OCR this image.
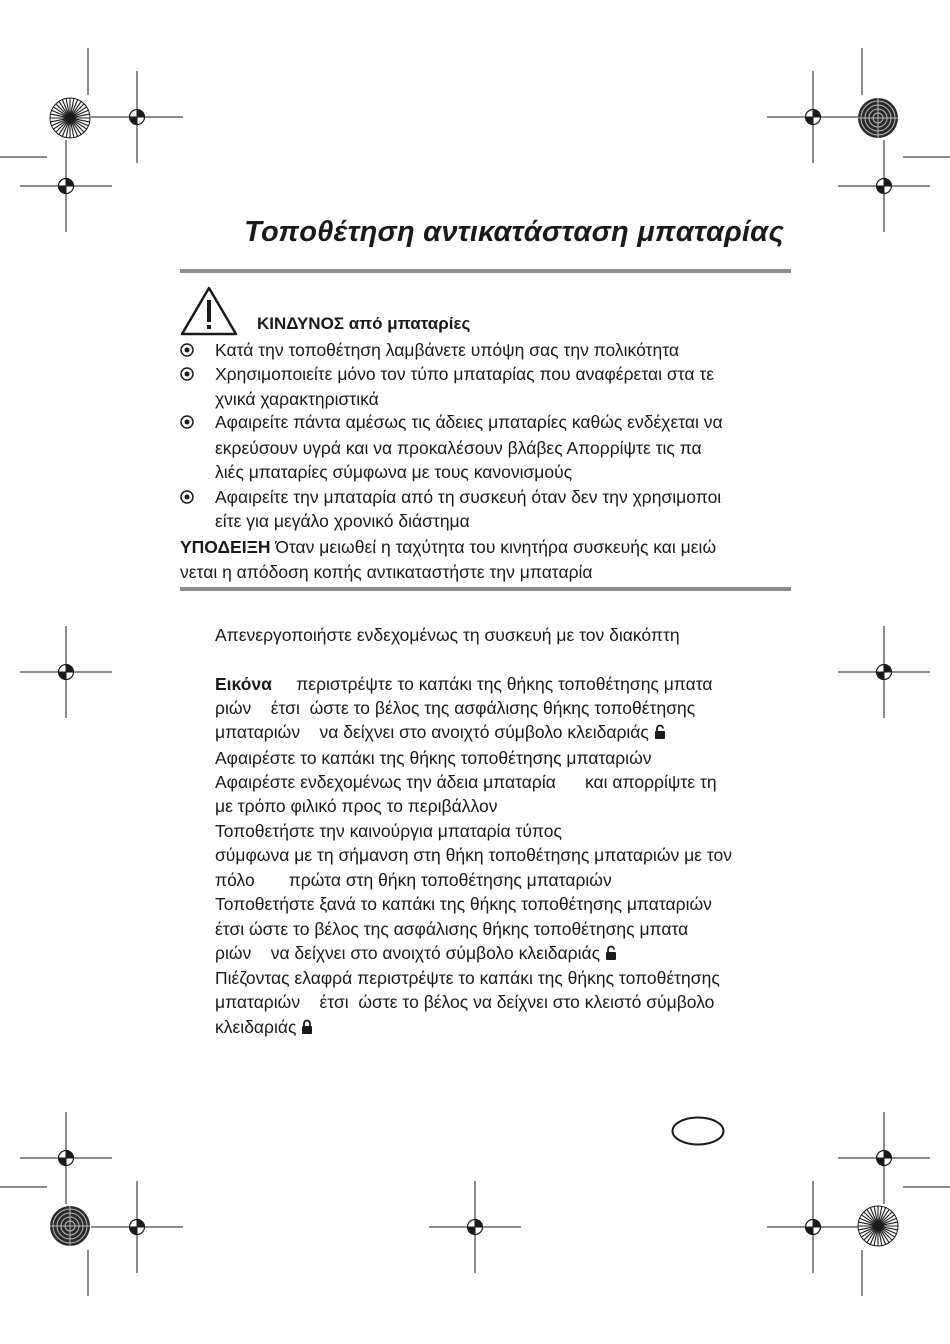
Τοποθέτηση αντικατάσταση μπαταρίας
ΚΙΝΔΥΝΟΣ από μπαταρίες
Κατά την τοποθέτηση λαμβάνετε υπόψη σας την πολικότητα
Χρησιμοποιείτε μόνο τον τύπο μπαταρίας που αναφέρεται στα τε
χνικά χαρακτηριστικά
Αφαιρείτε πάντα αμέσως τις άδειες μπαταρίες καθώς ενδέχεται να
εκρεύσουν υγρά και να προκαλέσουν βλάβες Απορρίψτε τις πα
λιές μπαταρίες σύμφωνα με τους κανονισμούς
Αφαιρείτε την μπαταρία από τη συσκευή όταν δεν την χρησιμοποι
είτε για μεγάλο χρονικό διάστημα
ΥΠΟΔΕΙΞΗ Όταν μειωθεί η ταχύτητα του κινητήρα συσκευής και μειώ
νεται η απόδοση κοπής αντικαταστήστε την μπαταρία
Απενεργοποιήστε ενδεχομένως τη συσκευή με τον διακόπτη
Εικόνα     περιστρέψτε το καπάκι της θήκης τοποθέτησης μπατα
ριών    έτσι  ώστε το βέλος της ασφάλισης θήκης τοποθέτησης
μπαταριών    να δείχνει στο ανοιχτό σύμβολο κλειδαριάς
Αφαιρέστε το καπάκι της θήκης τοποθέτησης μπαταριών
Αφαιρέστε ενδεχομένως την άδεια μπαταρία      και απορρίψτε τη
με τρόπο φιλικό προς το περιβάλλον
Τοποθετήστε την καινούργια μπαταρία τύπος
σύμφωνα με τη σήμανση στη θήκη τοποθέτησης μπαταριών με τον
πόλο       πρώτα στη θήκη τοποθέτησης μπαταριών
Τοποθετήστε ξανά το καπάκι της θήκης τοποθέτησης μπαταριών
έτσι ώστε το βέλος της ασφάλισης θήκης τοποθέτησης μπατα
ριών    να δείχνει στο ανοιχτό σύμβολο κλειδαριάς
Πιέζοντας ελαφρά περιστρέψτε το καπάκι της θήκης τοποθέτησης
μπαταριών    έτσι  ώστε το βέλος να δείχνει στο κλειστό σύμβολο
κλειδαριάς
